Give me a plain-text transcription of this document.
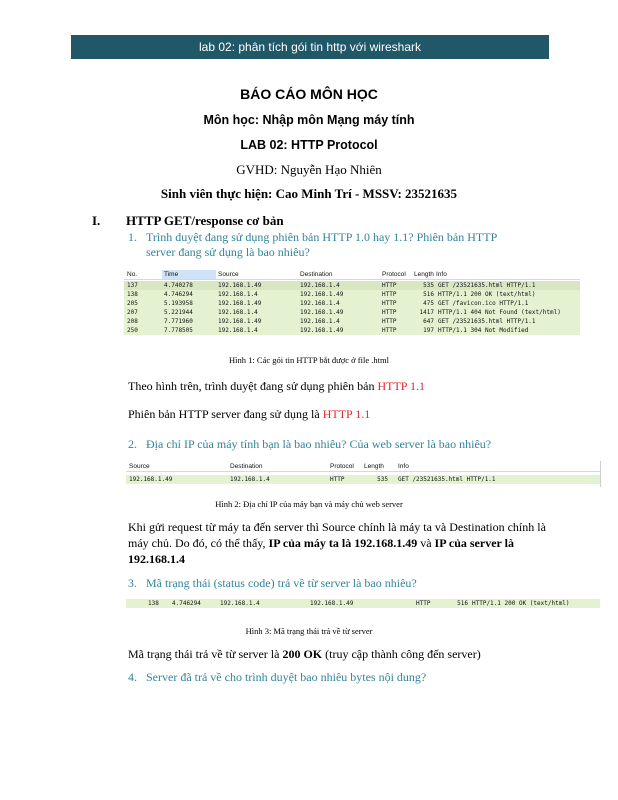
lab 02: phân tích gói tin http với wireshark
BÁO CÁO MÔN HỌC
Môn học: Nhập môn Mạng máy tính
LAB 02: HTTP Protocol
GVHD: Nguyễn Hạo Nhiên
Sinh viên thực hiện: Cao Minh Trí - MSSV: 23521635
I. HTTP GET/response cơ bản
1. Trình duyệt đang sử dụng phiên bản HTTP 1.0 hay 1.1? Phiên bản HTTP server đang sử dụng là bao nhiêu?
No.	Time	Source	Destination	Protocol	Length Info
137	4.740278	192.168.1.49	192.168.1.4	HTTP	535 GET /23521635.html HTTP/1.1
138	4.746294	192.168.1.4	192.168.1.49	HTTP	516 HTTP/1.1 200 OK (text/html)
205	5.193958	192.168.1.49	192.168.1.4	HTTP	475 GET /favicon.ico HTTP/1.1
207	5.221944	192.168.1.4	192.168.1.49	HTTP	1417 HTTP/1.1 404 Not Found (text/html)
208	7.771960	192.168.1.49	192.168.1.4	HTTP	647 GET /23521635.html HTTP/1.1
250	7.778505	192.168.1.4	192.168.1.49	HTTP	197 HTTP/1.1 304 Not Modified
Hình 1: Các gói tin HTTP bắt được ở file .html
Theo hình trên, trình duyệt đang sử dụng phiên bản HTTP 1.1
Phiên bản HTTP server đang sử dụng là HTTP 1.1
2. Địa chỉ IP của máy tính bạn là bao nhiêu? Của web server là bao nhiêu?
Source	Destination	Protocol	Length	Info
192.168.1.49	192.168.1.4	HTTP	535 GET /23521635.html HTTP/1.1
Hình 2: Địa chỉ IP của máy bạn và máy chủ web server
Khi gửi request từ máy ta đến server thì Source chính là máy ta và Destination chính là máy chủ. Do đó, có thể thấy, IP của máy ta là 192.168.1.49 và IP của server là 192.168.1.4
3. Mã trạng thái (status code) trả về từ server là bao nhiêu?
138	4.746294	192.168.1.4	192.168.1.49	HTTP	516 HTTP/1.1 200 OK (text/html)
Hình 3: Mã trạng thái trả về từ server
Mã trạng thái trả về từ server là 200 OK (truy cập thành công đến server)
4. Server đã trả về cho trình duyệt bao nhiêu bytes nội dung?
